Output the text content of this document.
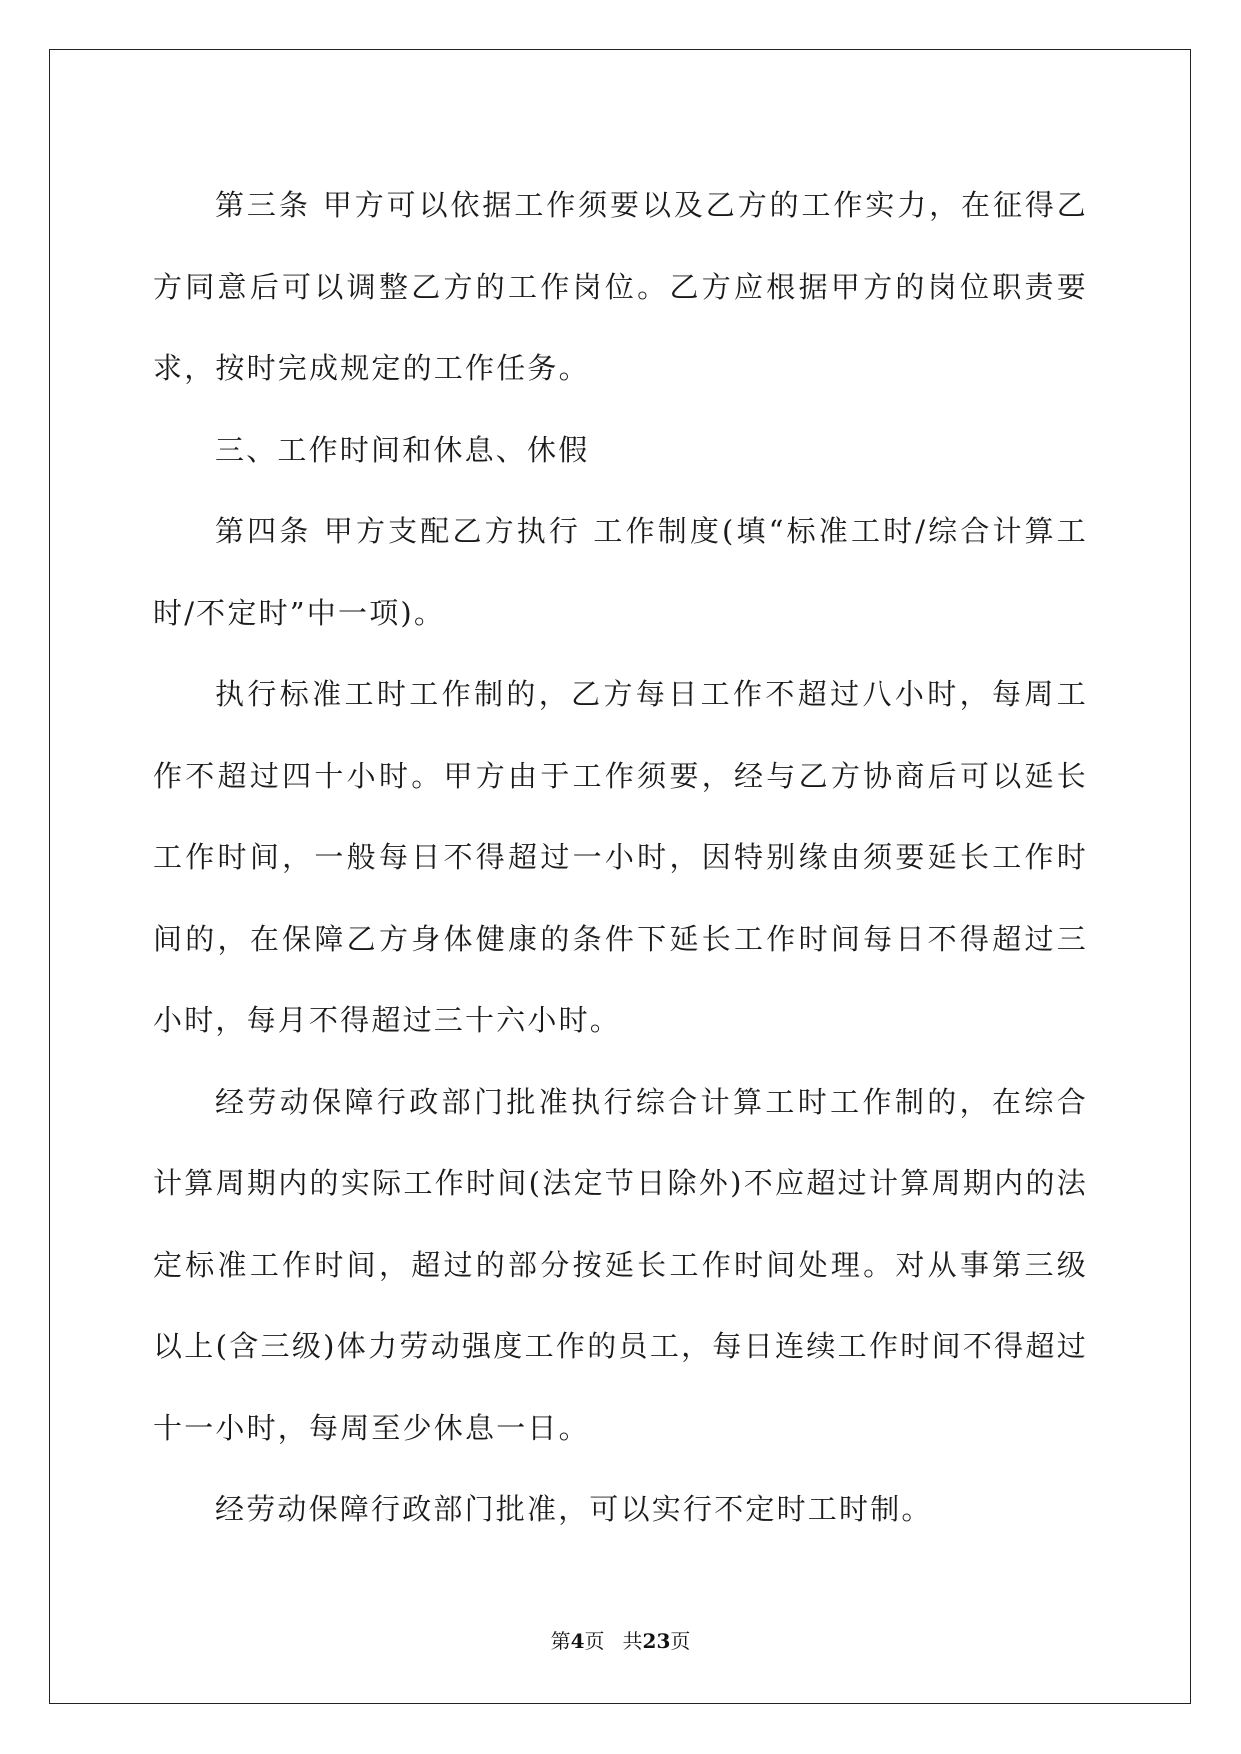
第三条 甲方可以依据工作须要以及乙方的工作实力，在征得乙方同意后可以调整乙方的工作岗位。乙方应根据甲方的岗位职责要求，按时完成规定的工作任务。

三、工作时间和休息、休假

第四条 甲方支配乙方执行 工作制度(填“标准工时/综合计算工时/不定时”中一项)。

执行标准工时工作制的，乙方每日工作不超过八小时，每周工作不超过四十小时。甲方由于工作须要，经与乙方协商后可以延长工作时间，一般每日不得超过一小时，因特别缘由须要延长工作时间的，在保障乙方身体健康的条件下延长工作时间每日不得超过三小时，每月不得超过三十六小时。

经劳动保障行政部门批准执行综合计算工时工作制的，在综合计算周期内的实际工作时间(法定节日除外)不应超过计算周期内的法定标准工作时间，超过的部分按延长工作时间处理。对从事第三级以上(含三级)体力劳动强度工作的员工，每日连续工作时间不得超过十一小时，每周至少休息一日。

经劳动保障行政部门批准，可以实行不定时工时制。

第4页 共23页
